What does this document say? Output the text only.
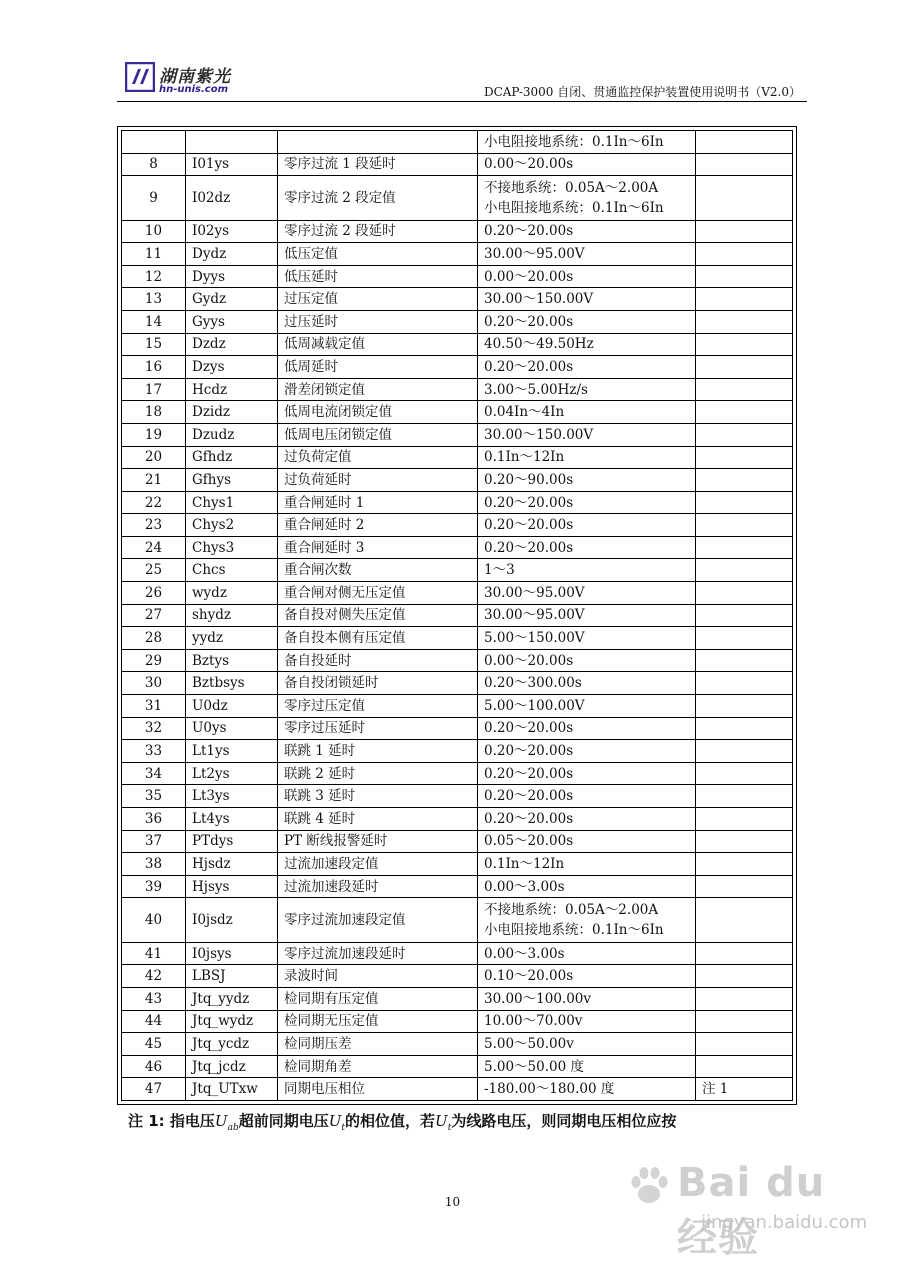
湖南紫光
hn-unis.com	DCAP-3000 自闭、贯通监控保护装置使用说明书（V2.0）

			小电阻接地系统：0.1In～6In	

8	I01ys	零序过流 1 段延时	0.00～20.00s	

9	I02dz	零序过流 2 段定值	不接地系统：0.05A～2.00A
小电阻接地系统：0.1In～6In	

10	I02ys	零序过流 2 段延时	0.20～20.00s	

11	Dydz	低压定值	30.00～95.00V	

12	Dyys	低压延时	0.00～20.00s	

13	Gydz	过压定值	30.00～150.00V	

14	Gyys	过压延时	0.20～20.00s	

15	Dzdz	低周减载定值	40.50～49.50Hz	

16	Dzys	低周延时	0.20～20.00s	

17	Hcdz	滑差闭锁定值	3.00～5.00Hz/s	

18	Dzidz	低周电流闭锁定值	0.04In～4In	

19	Dzudz	低周电压闭锁定值	30.00～150.00V	

20	Gfhdz	过负荷定值	0.1In～12In	

21	Gfhys	过负荷延时	0.20～90.00s	

22	Chys1	重合闸延时 1	0.20～20.00s	

23	Chys2	重合闸延时 2	0.20～20.00s	

24	Chys3	重合闸延时 3	0.20～20.00s	

25	Chcs	重合闸次数	1～3	

26	wydz	重合闸对侧无压定值	30.00～95.00V	

27	shydz	备自投对侧失压定值	30.00～95.00V	

28	yydz	备自投本侧有压定值	5.00～150.00V	

29	Bztys	备自投延时	0.00～20.00s	

30	Bztbsys	备自投闭锁延时	0.20～300.00s	

31	U0dz	零序过压定值	5.00～100.00V	

32	U0ys	零序过压延时	0.20～20.00s	

33	Lt1ys	联跳 1 延时	0.20～20.00s	

34	Lt2ys	联跳 2 延时	0.20～20.00s	

35	Lt3ys	联跳 3 延时	0.20～20.00s	

36	Lt4ys	联跳 4 延时	0.20～20.00s	

37	PTdys	PT 断线报警延时	0.05～20.00s	

38	Hjsdz	过流加速段定值	0.1In～12In	

39	Hjsys	过流加速段延时	0.00～3.00s	

40	I0jsdz	零序过流加速段定值	不接地系统：0.05A～2.00A
小电阻接地系统：0.1In～6In	

41	I0jsys	零序过流加速段延时	0.00～3.00s	

42	LBSJ	录波时间	0.10～20.00s	

43	Jtq_yydz	检同期有压定值	30.00～100.00v	

44	Jtq_wydz	检同期无压定值	10.00～70.00v	

45	Jtq_ycdz	检同期压差	5.00～50.00v	

46	Jtq_jcdz	检同期角差	5.00～50.00 度	

47	Jtq_UTxw	同期电压相位	-180.00～180.00 度	注 1
注 1: 指电压$U_{ab}$超前同期电压$U_t$的相位值，若$U_t$为线路电压，则同期电压相位应按
10	Bai du 经验
jingyan.baidu.com
